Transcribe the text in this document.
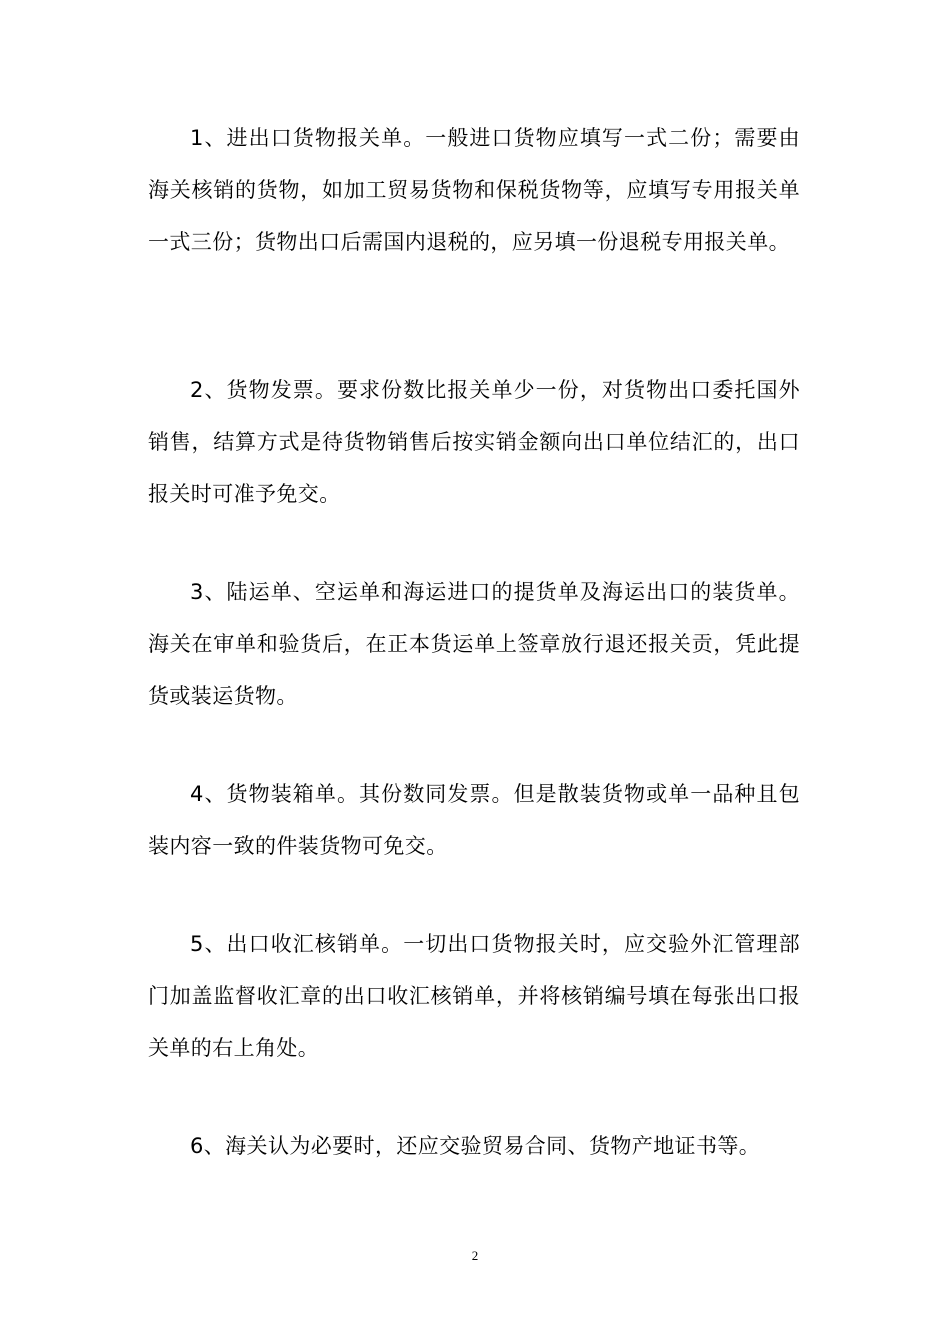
1、进出口货物报关单。一般进口货物应填写一式二份；需要由海关核销的货物，如加工贸易货物和保税货物等，应填写专用报关单一式三份；货物出口后需国内退税的，应另填一份退税专用报关单。

2、货物发票。要求份数比报关单少一份，对货物出口委托国外销售，结算方式是待货物销售后按实销金额向出口单位结汇的，出口报关时可准予免交。

3、陆运单、空运单和海运进口的提货单及海运出口的装货单。海关在审单和验货后，在正本货运单上签章放行退还报关贡，凭此提货或装运货物。

4、货物装箱单。其份数同发票。但是散装货物或单一品种且包装内容一致的件装货物可免交。

5、出口收汇核销单。一切出口货物报关时，应交验外汇管理部门加盖监督收汇章的出口收汇核销单，并将核销编号填在每张出口报关单的右上角处。

6、海关认为必要时，还应交验贸易合同、货物产地证书等。

2
